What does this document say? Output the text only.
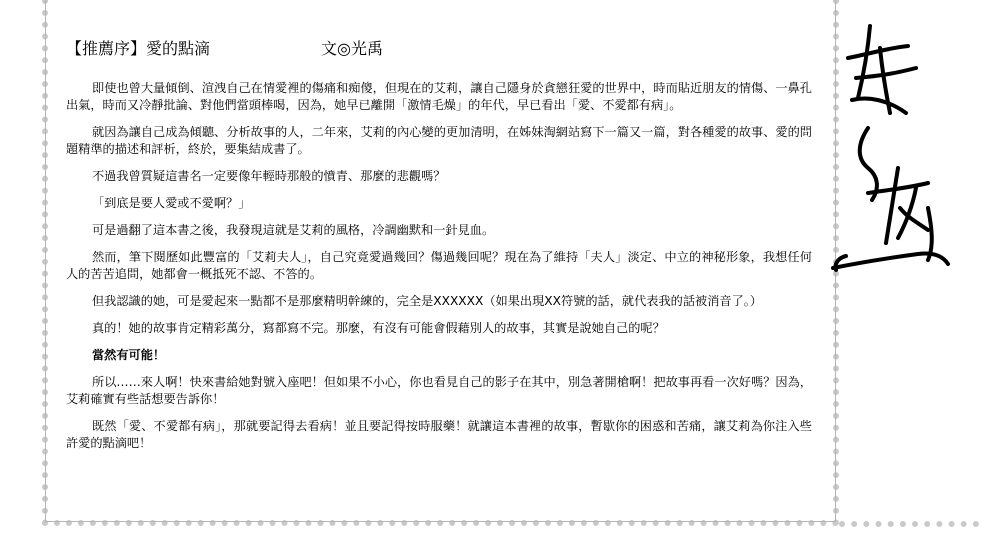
【推薦序】愛的點滴	文◎光禹

即使也曾大量傾倒、渲洩自己在情愛裡的傷痛和痴傻，但現在的艾莉，讓自己隱身於貪戀狂愛的世界中，時而貼近朋友的情傷、一鼻孔出氣，時而又冷靜批論、對他們當頭棒喝，因為，她早已離開「激情毛燥」的年代，早已看出「愛、不愛都有病」。

就因為讓自己成為傾聽、分析故事的人，二年來，艾莉的內心變的更加清明，在姊妹淘網站寫下一篇又一篇，對各種愛的故事、愛的問題精準的描述和評析，終於，要集結成書了。

不過我曾質疑這書名一定要像年輕時那般的憤青、那麼的悲觀嗎？

「到底是要人愛或不愛啊？」

可是過翻了這本書之後，我發現這就是艾莉的風格，冷調幽默和一針見血。

然而，筆下閱歷如此豐富的「艾莉夫人」，自己究竟愛過幾回？傷過幾回呢？現在為了維持「夫人」淡定、中立的神秘形象，我想任何人的苦苦追問，她都會一概抵死不認、不答的。

但我認識的她，可是愛起來一點都不是那麼精明幹練的，完全是XXXXXX（如果出現XX符號的話，就代表我的話被消音了。）

真的！她的故事肯定精彩萬分，寫都寫不完。那麼，有沒有可能會假藉別人的故事，其實是說她自己的呢？

當然有可能！

所以……來人啊！快來書給她對號入座吧！但如果不小心，你也看見自己的影子在其中，別急著開槍啊！把故事再看一次好嗎？因為，艾莉確實有些話想要告訴你！

既然「愛、不愛都有病」，那就要記得去看病！並且要記得按時服藥！就讓這本書裡的故事，暫歇你的困惑和苦痛，讓艾莉為你注入些許愛的點滴吧！
